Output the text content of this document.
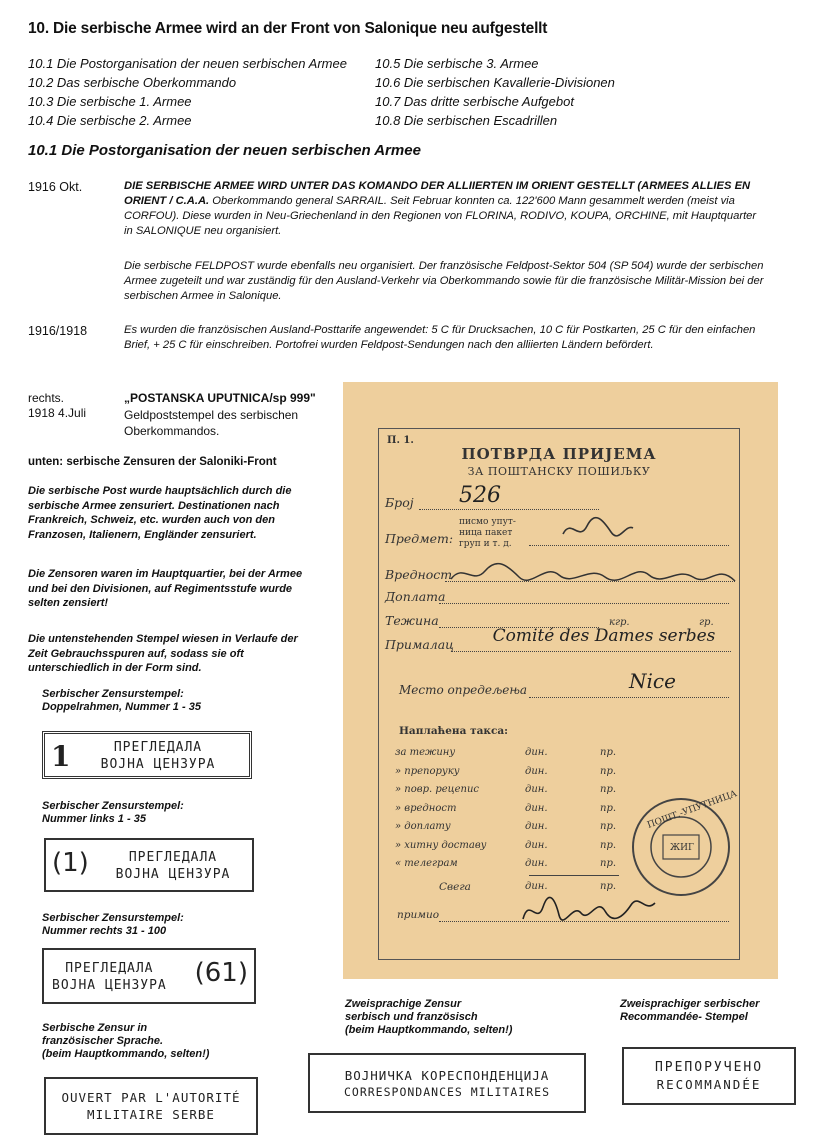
10. Die serbische Armee wird an der Front von Salonique neu aufgestellt
10.1 Die Postorganisation der neuen serbischen Armee
10.2 Das serbische Oberkommando
10.3 Die serbische 1. Armee
10.4 Die serbische 2. Armee
10.5 Die serbische 3. Armee
10.6 Die serbischen Kavallerie-Divisionen
10.7 Das dritte serbische Aufgebot
10.8 Die serbischen Escadrillen
10.1 Die Postorganisation der neuen serbischen Armee
1916 Okt.	DIE SERBISCHE ARMEE WIRD UNTER DAS KOMANDO DER ALLIIERTEN IM ORIENT GESTELLT (ARMEES ALLIES EN ORIENT / C.A.A. Oberkommando general SARRAIL. Seit Februar konnten ca. 122'600 Mann gesammelt werden (meist via CORFOU). Diese wurden in Neu-Griechenland in den Regionen von FLORINA, RODIVO, KOUPA, ORCHINE, mit Hauptquarter in SALONIQUE neu organisiert.
Die serbische FELDPOST wurde ebenfalls neu organisiert. Der französische Feldpost-Sektor 504 (SP 504) wurde der serbischen Armee zugeteilt und war zuständig für den Ausland-Verkehr via Oberkommando sowie für die französische Militär-Mission bei der serbischen Armee in Salonique.
1916/1918	Es wurden die französischen Ausland-Posttarife angewendet: 5 C für Drucksachen, 10 C für Postkarten, 25 C für den einfachen Brief, + 25 C für einschreiben. Portofrei wurden Feldpost-Sendungen nach den alliierten Ländern befördert.
rechts.
1918 4.Juli
„POSTANSKA UPUTNICA/sp 999"
Geldpoststempel des serbischen
Oberkommandos.
unten: serbische Zensuren der Saloniki-Front
Die serbische Post wurde hauptsächlich durch die serbische Armee zensuriert. Destinationen nach Frankreich, Schweiz, etc. wurden auch von den Franzosen, Italienern, Engländer zensuriert.
Die Zensoren waren im Hauptquartier, bei der Armee und bei den Divisionen, auf Regimentsstufe wurde selten zensiert!
Die untenstehenden Stempel wiesen in Verlaufe der Zeit Gebrauchsspuren auf, sodass sie oft unterschiedlich in der Form sind.
Serbischer Zensurstempel:
Doppelrahmen, Nummer 1 - 35
1	ПРЕГЛЕДАЛА
ВОЈНА ЦЕНЗУРА
Serbischer Zensurstempel:
Nummer links 1 - 35
(1)	ПРЕГЛЕДАЛА
ВОЈНА ЦЕНЗУРА
Serbischer Zensurstempel:
Nummer rechts 31 - 100
ПРЕГЛЕДАЛА
ВОЈНА ЦЕНЗУРА (61)
Serbische Zensur in
französischer Sprache.
(beim Hauptkommando, selten!)
OUVERT PAR L'AUTORITÉ
MILITAIRE SERBE
П. 1.
ПОТВРДА ПРИЈЕМА
ЗА ПОШТАНСКУ ПОШИЉКУ
Број 526
Предмет:
писмо упут-
ница пакет
груп и т. д.
Вредност
Доплата
Тежина	кгр.	гр.
Прималац Comité des Dames serbes
Место опредељења	Nice
Наплаћена такса:
за тежину	дин.	пр.
» препоруку	дин.	пр.
» повр. рецепис	дин.	пр.
» вредност	дин.	пр.
» доплату	дин.	пр.
» хитну доставу	дин.	пр.
« телеграм	дин.	пр.
Свега	дин.	пр.
примио
ПОШТ.-УПУТНИЦА
ЖИГ
Zweisprachige Zensur
serbisch und französisch
(beim Hauptkommando, selten!)
ВОЈНИЧКА КОРЕСПОНДЕНЦИЈА
CORRESPONDANCES MILITAIRES
Zweisprachiger serbischer
Recommandée- Stempel
ПРЕПОРУЧЕНО
RECOMMANDÉE
